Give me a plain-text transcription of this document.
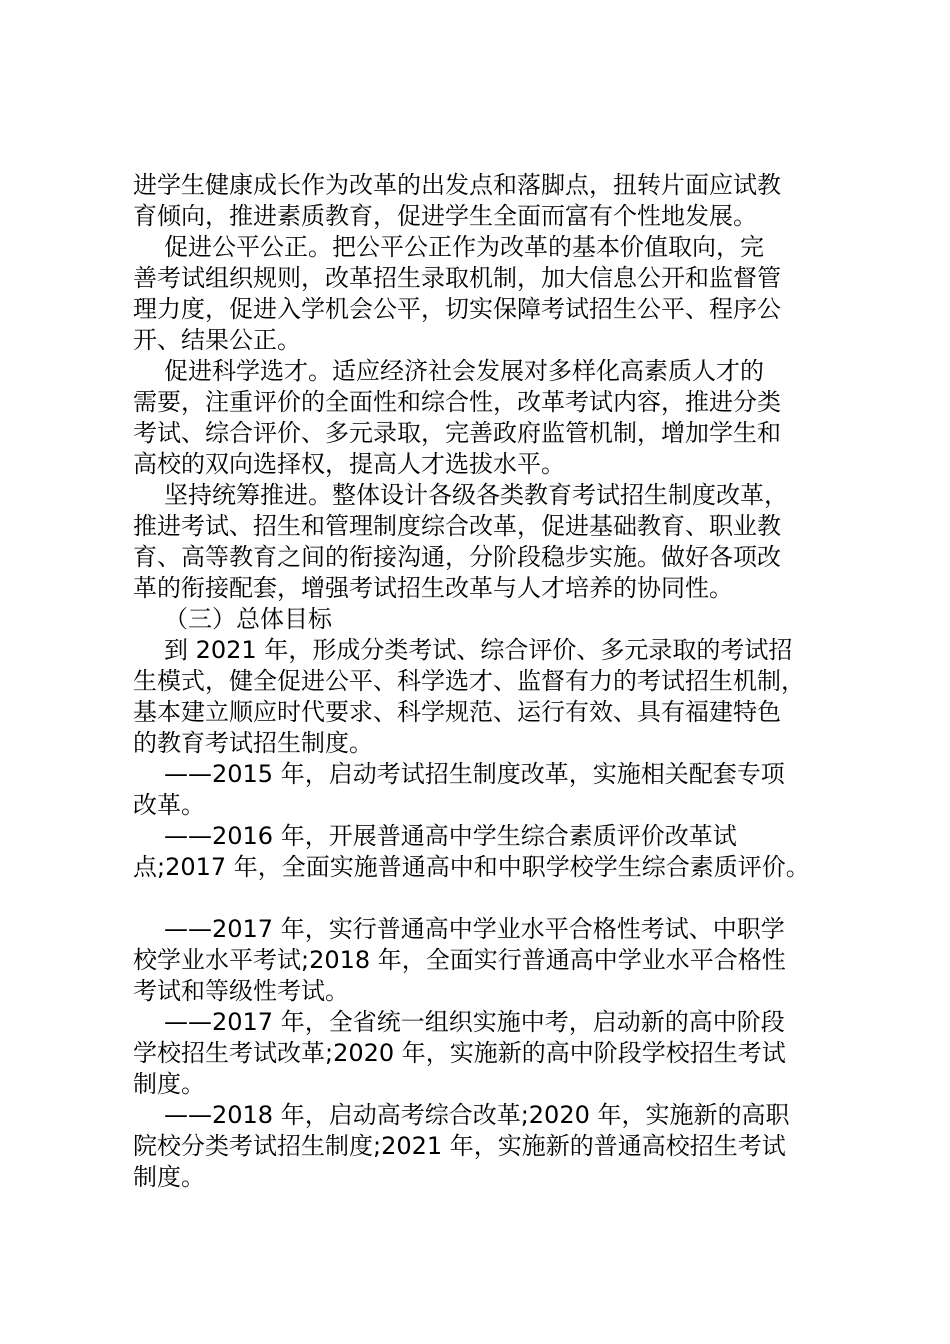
进学生健康成长作为改革的出发点和落脚点，扭转片面应试教
育倾向，推进素质教育，促进学生全面而富有个性地发展。
促进公平公正。把公平公正作为改革的基本价值取向，完
善考试组织规则，改革招生录取机制，加大信息公开和监督管
理力度，促进入学机会公平，切实保障考试招生公平、程序公
开、结果公正。
促进科学选才。适应经济社会发展对多样化高素质人才的
需要，注重评价的全面性和综合性，改革考试内容，推进分类
考试、综合评价、多元录取，完善政府监管机制，增加学生和
高校的双向选择权，提高人才选拔水平。
坚持统筹推进。整体设计各级各类教育考试招生制度改革，
推进考试、招生和管理制度综合改革，促进基础教育、职业教
育、高等教育之间的衔接沟通，分阶段稳步实施。做好各项改
革的衔接配套，增强考试招生改革与人才培养的协同性。
（三）总体目标
到 2021 年，形成分类考试、综合评价、多元录取的考试招
生模式，健全促进公平、科学选才、监督有力的考试招生机制，
基本建立顺应时代要求、科学规范、运行有效、具有福建特色
的教育考试招生制度。
——2015 年，启动考试招生制度改革，实施相关配套专项
改革。
——2016 年，开展普通高中学生综合素质评价改革试
点;2017 年，全面实施普通高中和中职学校学生综合素质评价。
——2017 年，实行普通高中学业水平合格性考试、中职学
校学业水平考试;2018 年，全面实行普通高中学业水平合格性
考试和等级性考试。
——2017 年，全省统一组织实施中考，启动新的高中阶段
学校招生考试改革;2020 年，实施新的高中阶段学校招生考试
制度。
——2018 年，启动高考综合改革;2020 年，实施新的高职
院校分类考试招生制度;2021 年，实施新的普通高校招生考试
制度。
